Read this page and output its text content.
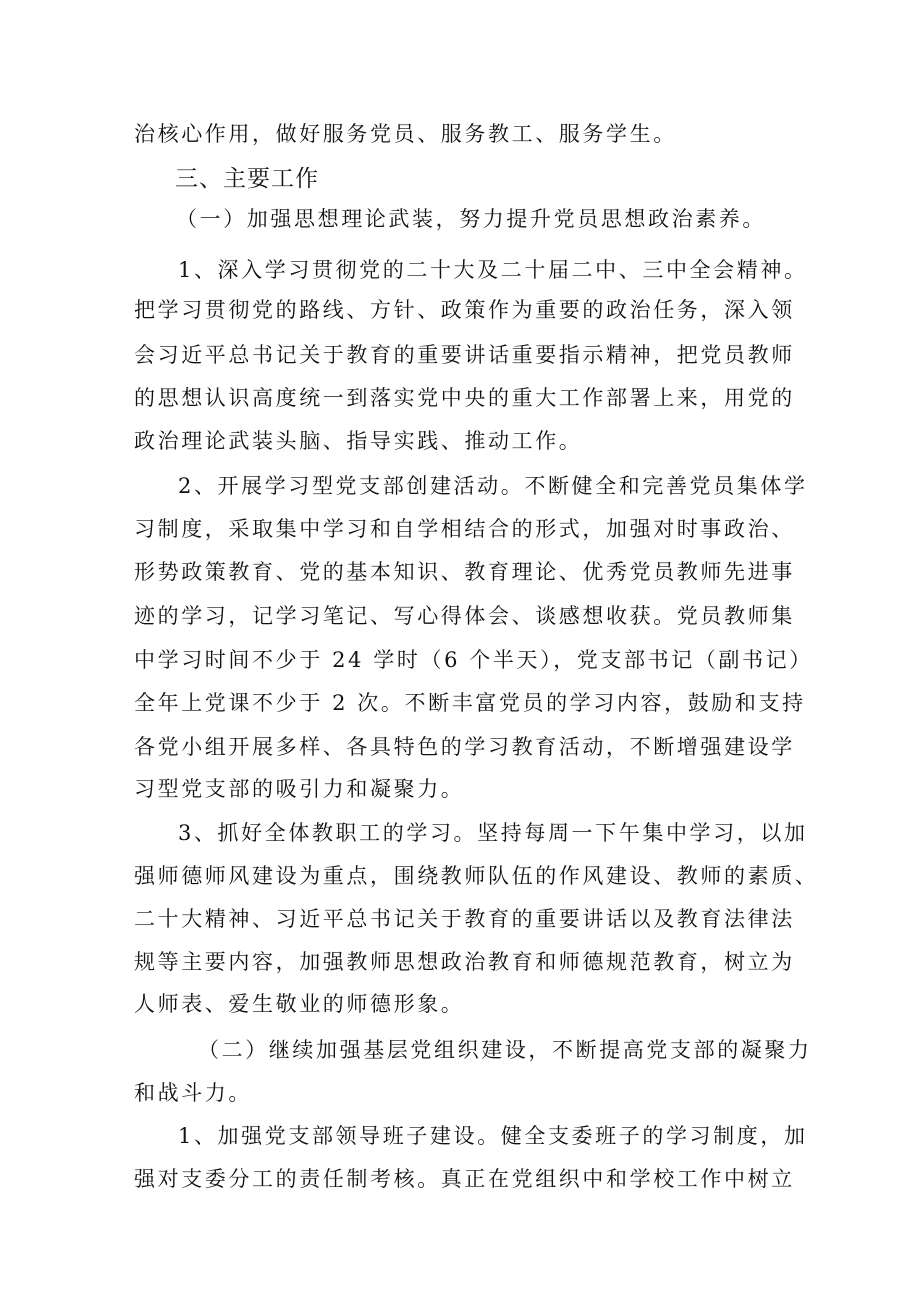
治核心作用，做好服务党员、服务教工、服务学生。
三、主要工作
（一）加强思想理论武装，努力提升党员思想政治素养。
1、深入学习贯彻党的二十大及二十届二中、三中全会精神。
把学习贯彻党的路线、方针、政策作为重要的政治任务，深入领
会习近平总书记关于教育的重要讲话重要指示精神，把党员教师
的思想认识高度统一到落实党中央的重大工作部署上来，用党的
政治理论武装头脑、指导实践、推动工作。
2、开展学习型党支部创建活动。不断健全和完善党员集体学
习制度，采取集中学习和自学相结合的形式，加强对时事政治、
形势政策教育、党的基本知识、教育理论、优秀党员教师先进事
迹的学习，记学习笔记、写心得体会、谈感想收获。党员教师集
中学习时间不少于 24 学时（6 个半天），党支部书记（副书记）
全年上党课不少于 2 次。不断丰富党员的学习内容，鼓励和支持
各党小组开展多样、各具特色的学习教育活动，不断增强建设学
习型党支部的吸引力和凝聚力。
3、抓好全体教职工的学习。坚持每周一下午集中学习，以加
强师德师风建设为重点，围绕教师队伍的作风建设、教师的素质、
二十大精神、习近平总书记关于教育的重要讲话以及教育法律法
规等主要内容，加强教师思想政治教育和师德规范教育，树立为
人师表、爱生敬业的师德形象。
（二）继续加强基层党组织建设，不断提高党支部的凝聚力
和战斗力。
1、加强党支部领导班子建设。健全支委班子的学习制度，加
强对支委分工的责任制考核。真正在党组织中和学校工作中树立
